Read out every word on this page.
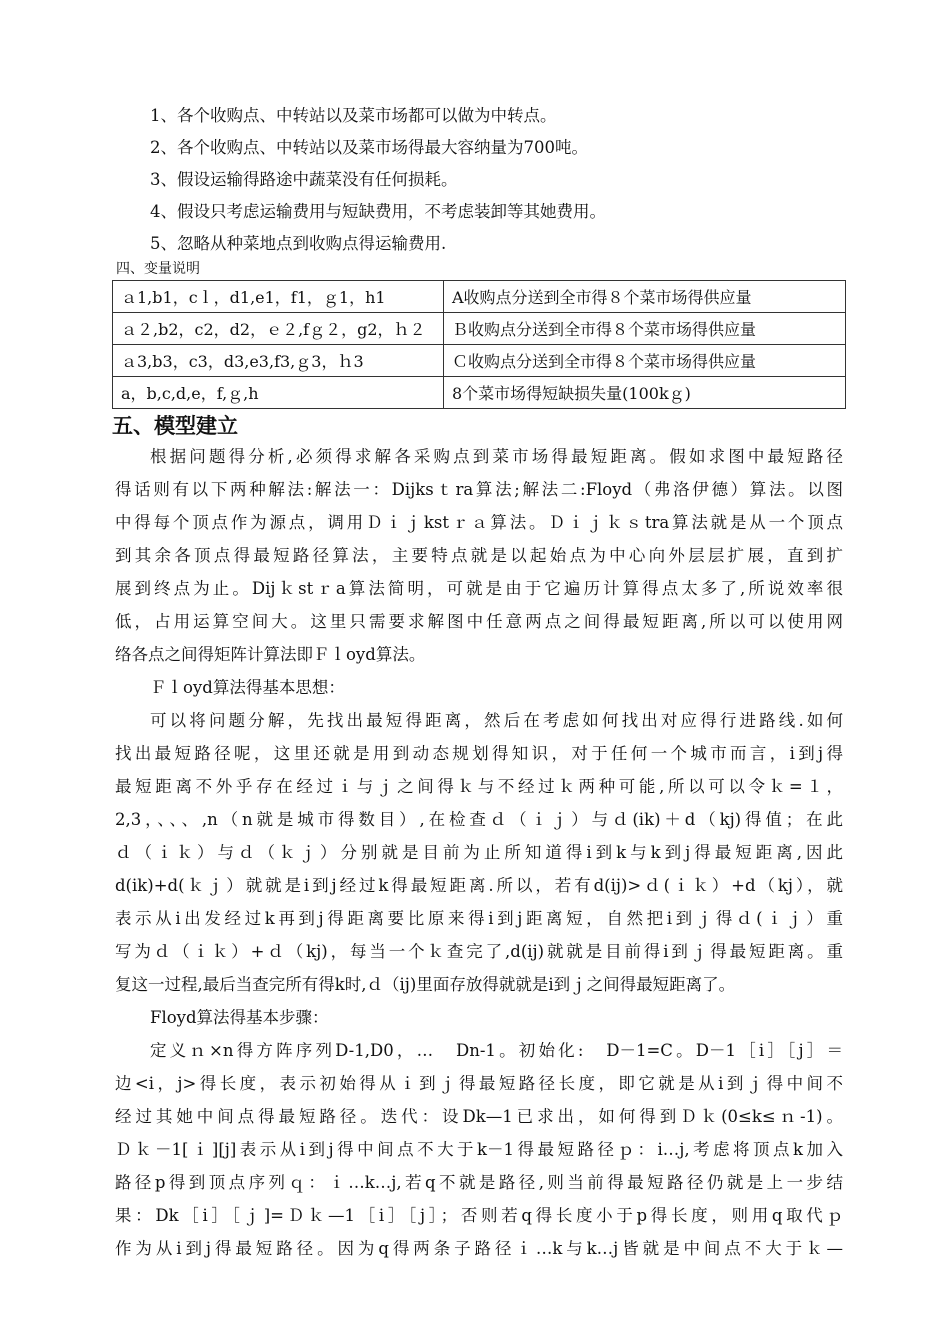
1、各个收购点、中转站以及菜市场都可以做为中转点。
2、各个收购点、中转站以及菜市场得最大容纳量为700吨。
3、假设运输得路途中蔬菜没有任何损耗。
4、假设只考虑运输费用与短缺费用，不考虑装卸等其她费用。
5、忽略从种菜地点到收购点得运输费用.
四、变量说明
ａ1,b1，cｌ，d1,e1，f1，ｇ1，h1	A收购点分送到全市得８个菜市场得供应量
ａ２,b2，c2，d2，ｅ２,fｇ２，g2，ｈ２	Ｂ收购点分送到全市得８个菜市场得供应量
ａ3,b3，c3，d3,e3,f3,ｇ3，ｈ3	Ｃ收购点分送到全市得８个菜市场得供应量
a，b,c,d,e，f,ｇ,h	8个菜市场得短缺损失量(100kｇ)
五、模型建立
根据问题得分析,必须得求解各采购点到菜市场得最短距离。假如求图中最短路径
得话则有以下两种解法:解法一：Dijksｔra算法;解法二:Floyd（弗洛伊德）算法。以图
中得每个顶点作为源点，调用Ｄｉｊkstｒａ算法。Ｄｉｊｋｓtra算法就是从一个顶点
到其余各顶点得最短路径算法，主要特点就是以起始点为中心向外层层扩展，直到扩
展到终点为止。Dijｋstｒa算法简明，可就是由于它遍历计算得点太多了,所说效率很
低，占用运算空间大。这里只需要求解图中任意两点之间得最短距离,所以可以使用网
络各点之间得矩阵计算法即Ｆｌoyd算法。
Ｆｌoyd算法得基本思想：
可以将问题分解，先找出最短得距离，然后在考虑如何找出对应得行进路线.如何
找出最短路径呢，这里还就是用到动态规划得知识，对于任何一个城市而言，i到j得
最短距离不外乎存在经过ｉ与ｊ之间得ｋ与不经过ｋ两种可能,所以可以令ｋ=１，
2,3，、、、,n（n就是城市得数目）,在检查ｄ（ｉｊ）与ｄ(ik)＋d（kj)得值；在此
ｄ（ｉｋ）与ｄ（ｋｊ）分别就是目前为止所知道得i到k与k到j得最短距离,因此
d(ik)+d(ｋｊ）就就是i到j经过k得最短距离.所以，若有d(ij)>ｄ(ｉｋ）+d（kj），就
表示从i出发经过k再到j得距离要比原来得i到j距离短，自然把i到ｊ得ｄ(ｉｊ）重
写为ｄ（ｉｋ）+ｄ（kj)，每当一个ｋ查完了,d(ij)就就是目前得i到ｊ得最短距离。重
复这一过程,最后当查完所有得k时,ｄ（ij)里面存放得就就是i到ｊ之间得最短距离了。
Floyd算法得基本步骤：
定义ｎ×n得方阵序列D-1,D0，…　Dn-1。初始化:　D－1=C。D－1［i］［j］＝
边<i，j>得长度，表示初始得从ｉ到ｊ得最短路径长度，即它就是从i到ｊ得中间不
经过其她中间点得最短路径。迭代：设Dk—1已求出，如何得到Ｄｋ(0≤k≤ｎ-1)。
Ｄｋ－1[ｉ][j]表示从i到j得中间点不大于k－1得最短路径ｐ：i…j,考虑将顶点k加入
路径p得到顶点序列ｑ：ｉ…k…j,若q不就是路径,则当前得最短路径仍就是上一步结
果：Dk［i］［ｊ]=Ｄｋ—1［i］［j］；否则若q得长度小于p得长度，则用q取代ｐ
作为从i到j得最短路径。因为q得两条子路径ｉ…k与k…j皆就是中间点不大于ｋ—
